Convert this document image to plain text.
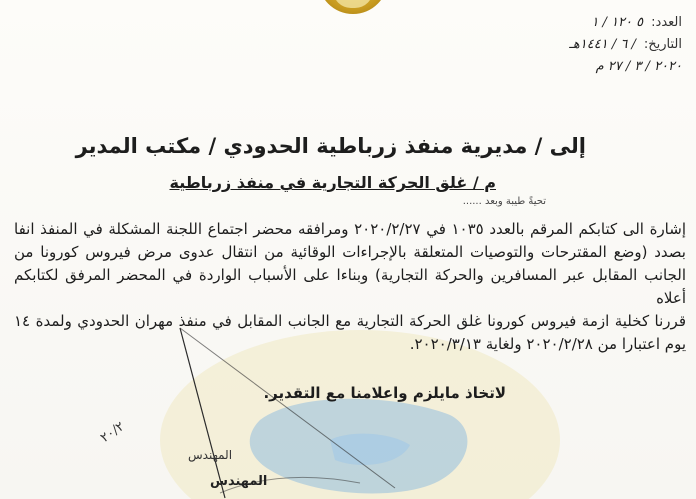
العدد:
٥ ١٢٠ / ١
التاريخ:
/ ٦ / ١٤٤١هـ
٢٠٢٠ / ٣ / ٢٧ م
إلى / مديرية منفذ زرباطية الحدودي / مكتب المدير
م / غلق الحركة التجارية في منفذ زرباطية
تحيةً طيبة وبعد ......

إشارة الى كتابكم المرقم بالعدد ١٠٣٥ في ٢٠٢٠/٢/٢٧ ومرافقه محضر اجتماع اللجنة المشكلة في المنفذ انفا بصدد (وضع المقترحات والتوصيات المتعلقة بالإجراءات الوقائية من انتقال عدوى مرض فيروس كورونا من الجانب المقابل عبر المسافرين والحركة التجارية) وبناءا على الأسباب الواردة في المحضر المرفق لكتابكم أعلاه

قررنا كخلية ازمة فيروس كورونا غلق الحركة التجارية مع الجانب المقابل في منفذ مهران الحدودي ولمدة ١٤ يوم اعتبارا من ٢٠٢٠/٢/٢٨ ولغاية ٢٠٢٠/٣/١٣.

لاتخاذ مايلزم واعلامنا مع التقدير.
٢٠/٢
المهندس
المهندس
